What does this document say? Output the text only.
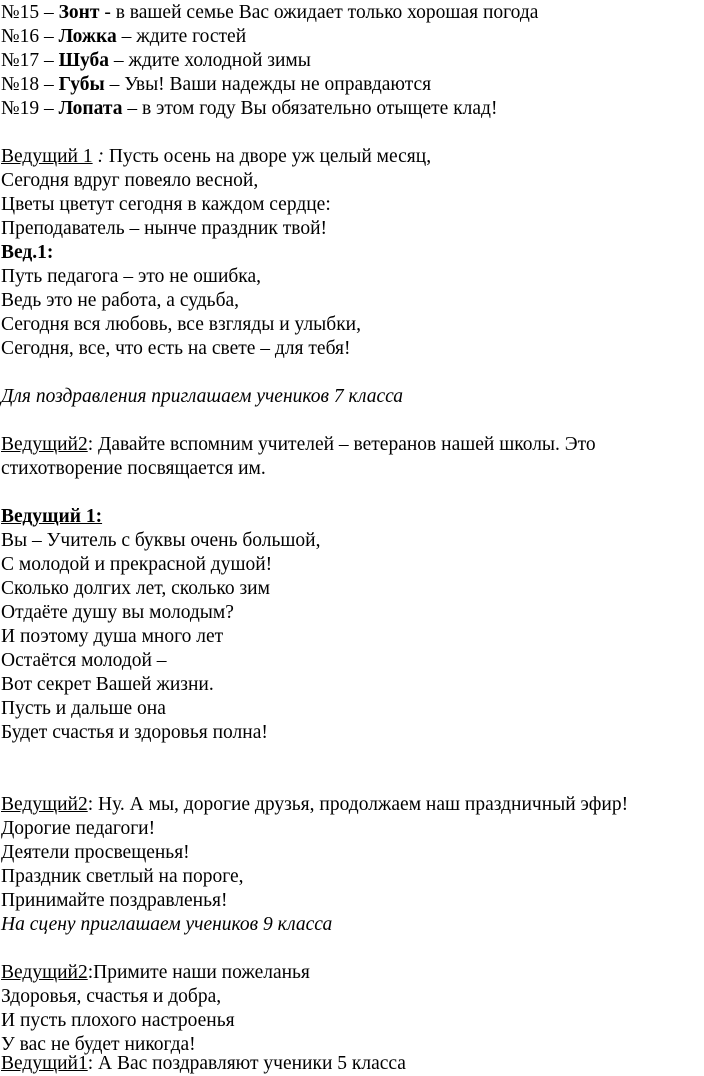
№15 – Зонт - в вашей семье Вас ожидает только хорошая погода
№16 – Ложка – ждите гостей
№17 – Шуба – ждите холодной зимы
№18 – Губы – Увы! Ваши надежды не оправдаются
№19 – Лопата – в этом году Вы обязательно отыщете клад!
Ведущий 1 : Пусть осень на дворе уж целый месяц,
Сегодня вдруг повеяло весной,
Цветы цветут сегодня в каждом сердце:
Преподаватель – нынче праздник твой!
Вед.1:
Путь педагога – это не ошибка,
Ведь это не работа, а судьба,
Сегодня вся любовь, все взгляды и улыбки,
Сегодня, все, что есть на свете – для тебя!
Для поздравления приглашаем учеников 7 класса
Ведущий2: Давайте вспомним учителей – ветеранов нашей школы. Это
стихотворение посвящается им.
Ведущий 1:
Вы – Учитель с буквы очень большой,
С молодой и прекрасной душой!
Сколько долгих лет, сколько зим
Отдаёте душу вы молодым?
И поэтому душа много лет
Остаётся молодой –
Вот секрет Вашей жизни.
Пусть и дальше она
Будет счастья и здоровья полна!
Ведущий2: Ну. А мы, дорогие друзья, продолжаем наш праздничный эфир!
Дорогие педагоги!
Деятели просвещенья!
Праздник светлый на пороге,
Принимайте поздравленья!
На сцену приглашаем учеников 9 класса
Ведущий2:Примите наши пожеланья
Здоровья, счастья и добра,
И пусть плохого настроенья
У вас не будет никогда!
Ведущий1: А Вас поздравляют ученики 5 класса
